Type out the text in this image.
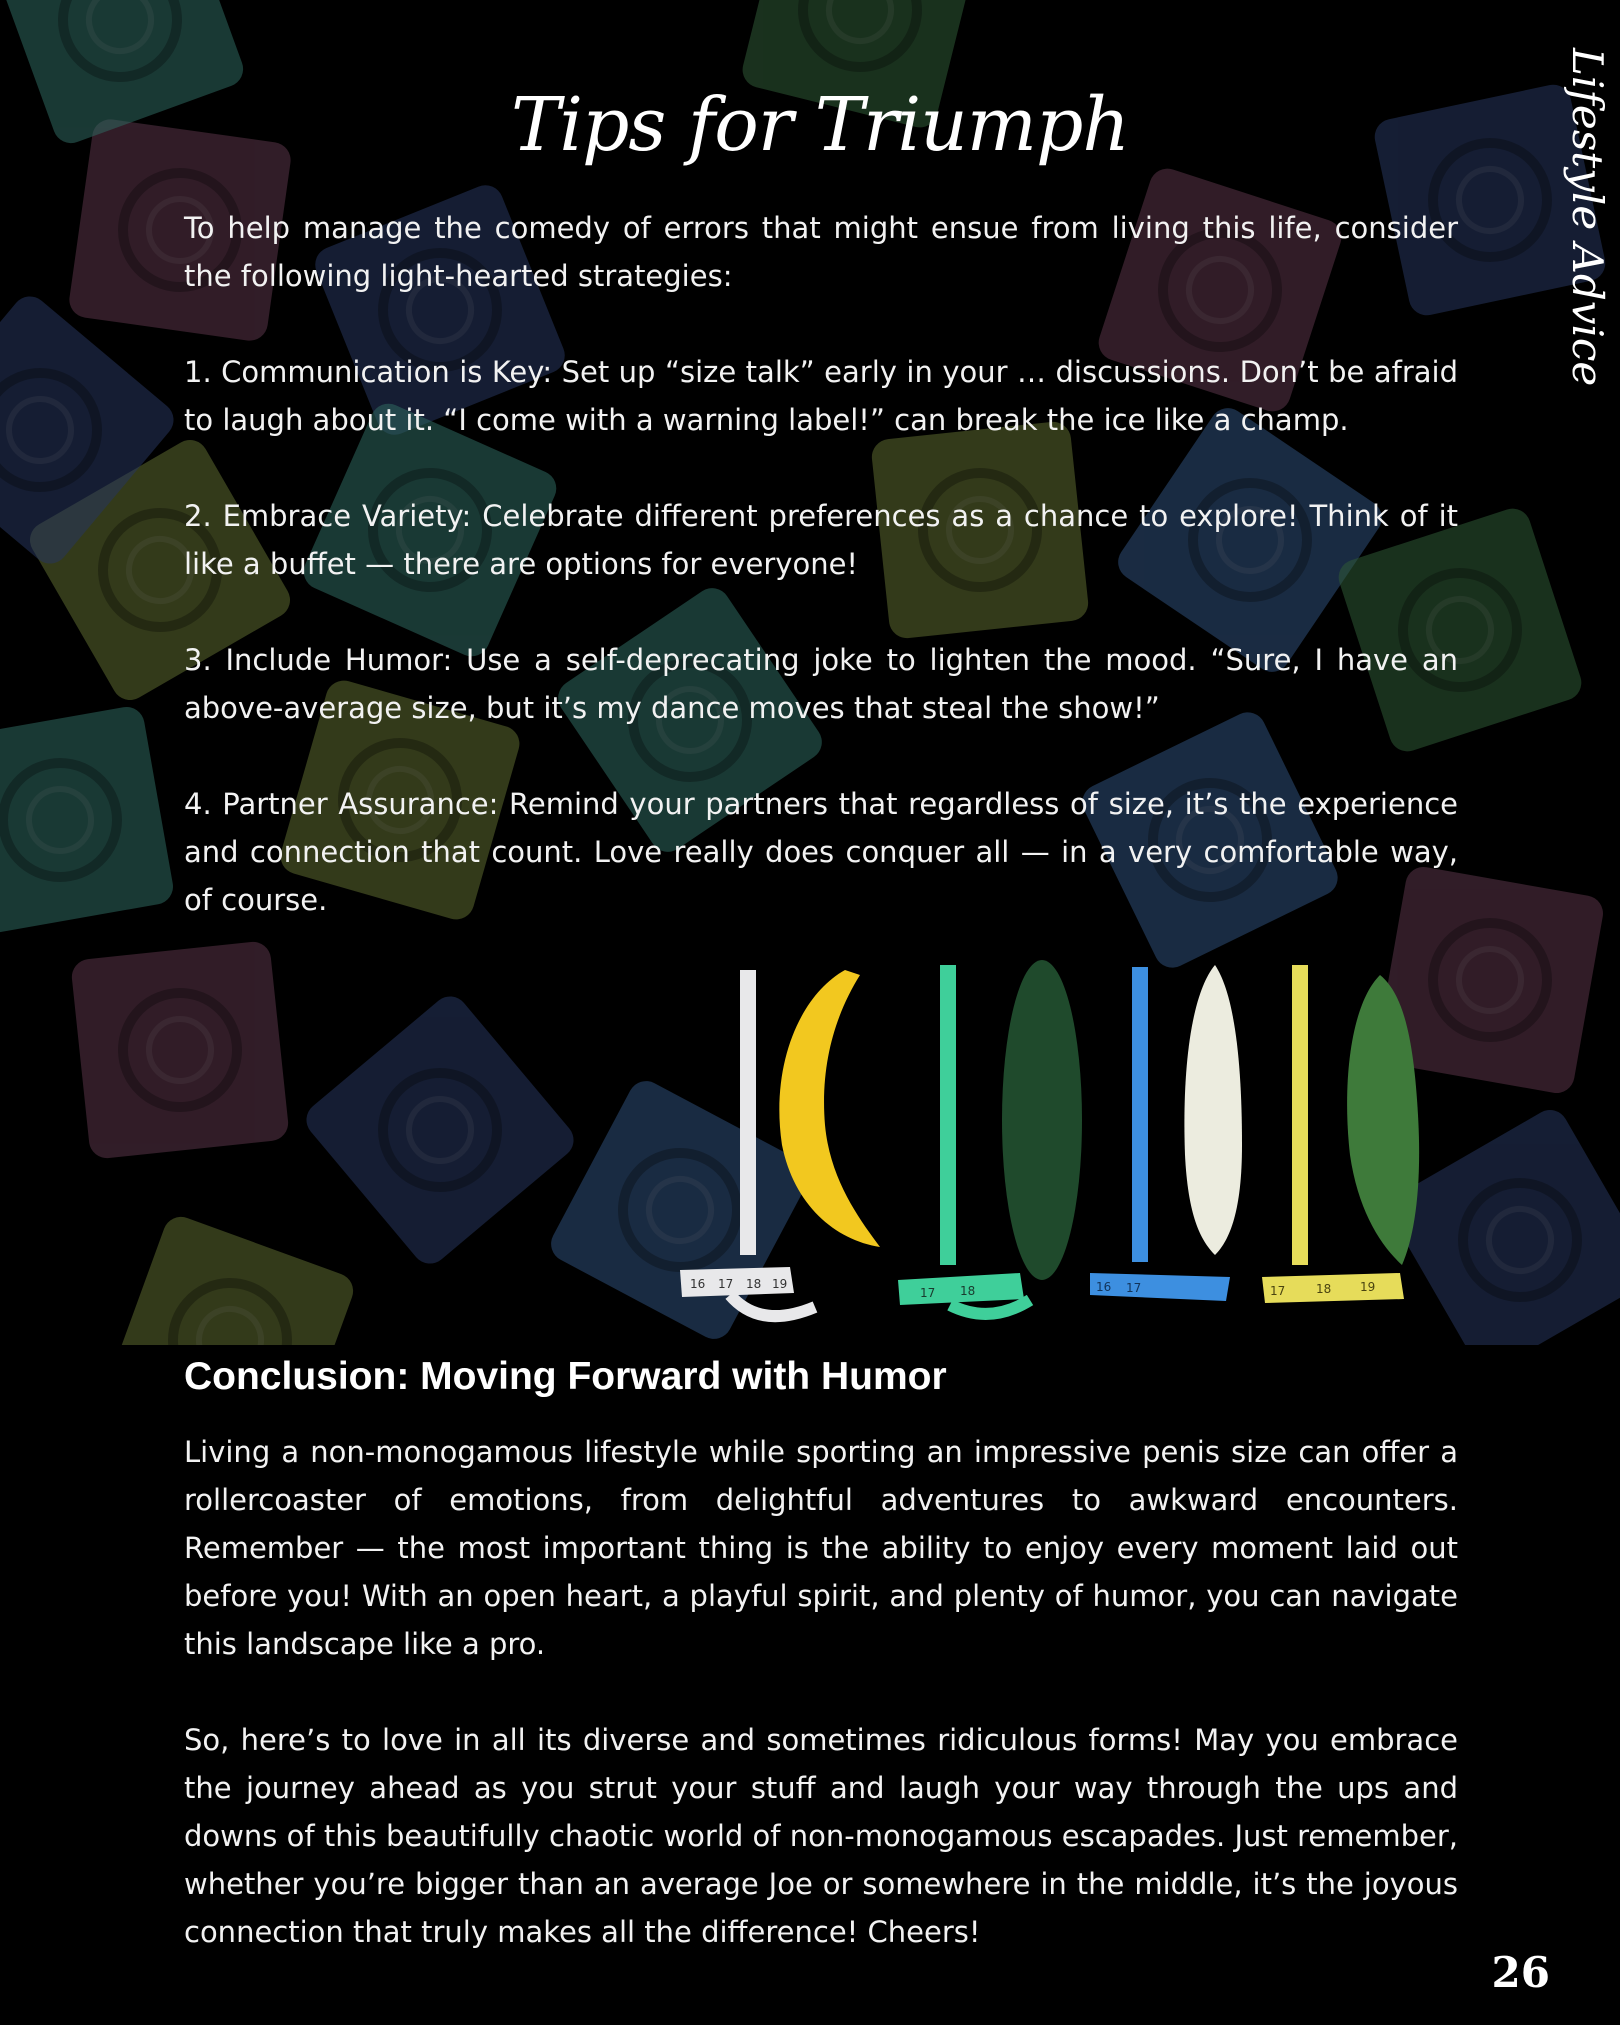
Tips for Triumph	Lifestyle Advice

To help manage the comedy of errors that might ensue from living this life, consider the following light-hearted strategies:

1. Communication is Key: Set up “size talk” early in your … discussions. Don’t be afraid to laugh about it. “I come with a warning label!” can break the ice like a champ.

2. Embrace Variety: Celebrate different preferences as a chance to explore! Think of it like a buffet — there are options for everyone!

3. Include Humor: Use a self-deprecating joke to lighten the mood. “Sure, I have an above-average size, but it’s my dance moves that steal the show!”

4. Partner Assurance: Remind your partners that regardless of size, it’s the experience and connection that count. Love really does conquer all — in a very comfortable way, of course.

16 17 18 19
17 18	16 17	17	18 19
Conclusion: Moving Forward with Humor

Living a non-monogamous lifestyle while sporting an impressive penis size can offer a rollercoaster of emotions, from delightful adventures to awkward encounters. Remember — the most important thing is the ability to enjoy every moment laid out before you! With an open heart, a playful spirit, and plenty of humor, you can navigate this landscape like a pro.

So, here’s to love in all its diverse and sometimes ridiculous forms! May you embrace the journey ahead as you strut your stuff and laugh your way through the ups and downs of this beautifully chaotic world of non-monogamous escapades. Just remember, whether you’re bigger than an average Joe or somewhere in the middle, it’s the joyous connection that truly makes all the difference! Cheers!

26
